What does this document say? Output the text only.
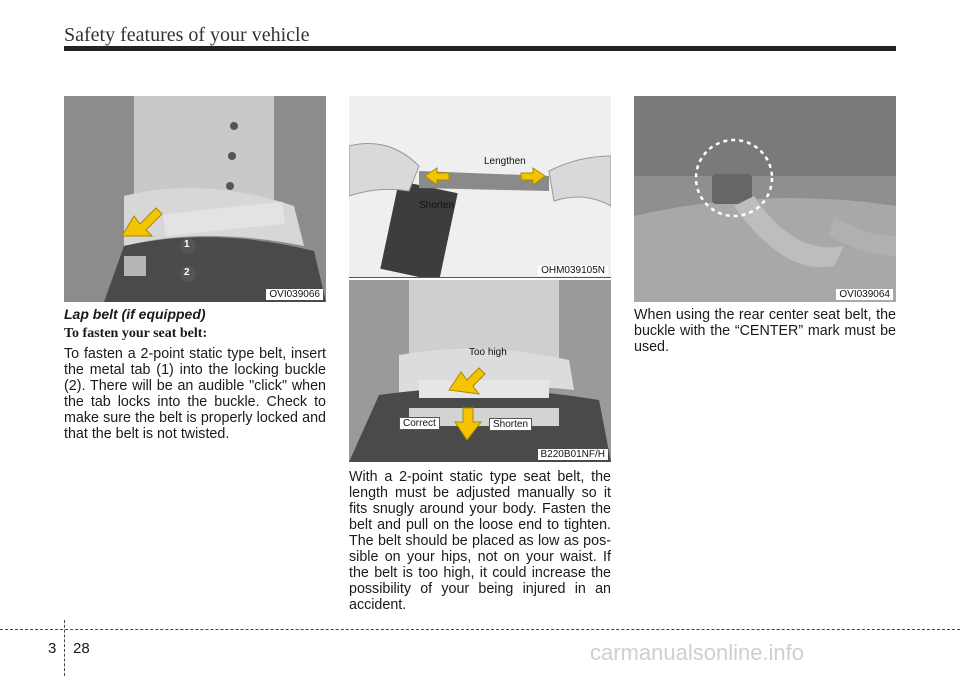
Safety features of your vehicle
1
2
OVI039066
Lengthen
Shorten
OHM039105N
Too high
Correct	Shorten
B220B01NF/H
OVI039064
Lap belt (if equipped)
To fasten your seat belt:
To fasten a 2-point static type belt, insert the metal tab (1) into the locking buckle (2). There will be an audible "click" when the tab locks into the buckle. Check to make sure the belt is properly locked and that the belt is not twisted.
With a 2-point static type seat belt, the length must be adjusted manually so it fits snugly around your body. Fasten the belt and pull on the loose end to tighten. The belt should be placed as low as pos-sible on your hips, not on your waist. If the belt is too high, it could increase the possibility of your being injured in an accident.
When using the rear center seat belt, the buckle with the “CENTER” mark must be used.
3 28	carmanualsonline.info
